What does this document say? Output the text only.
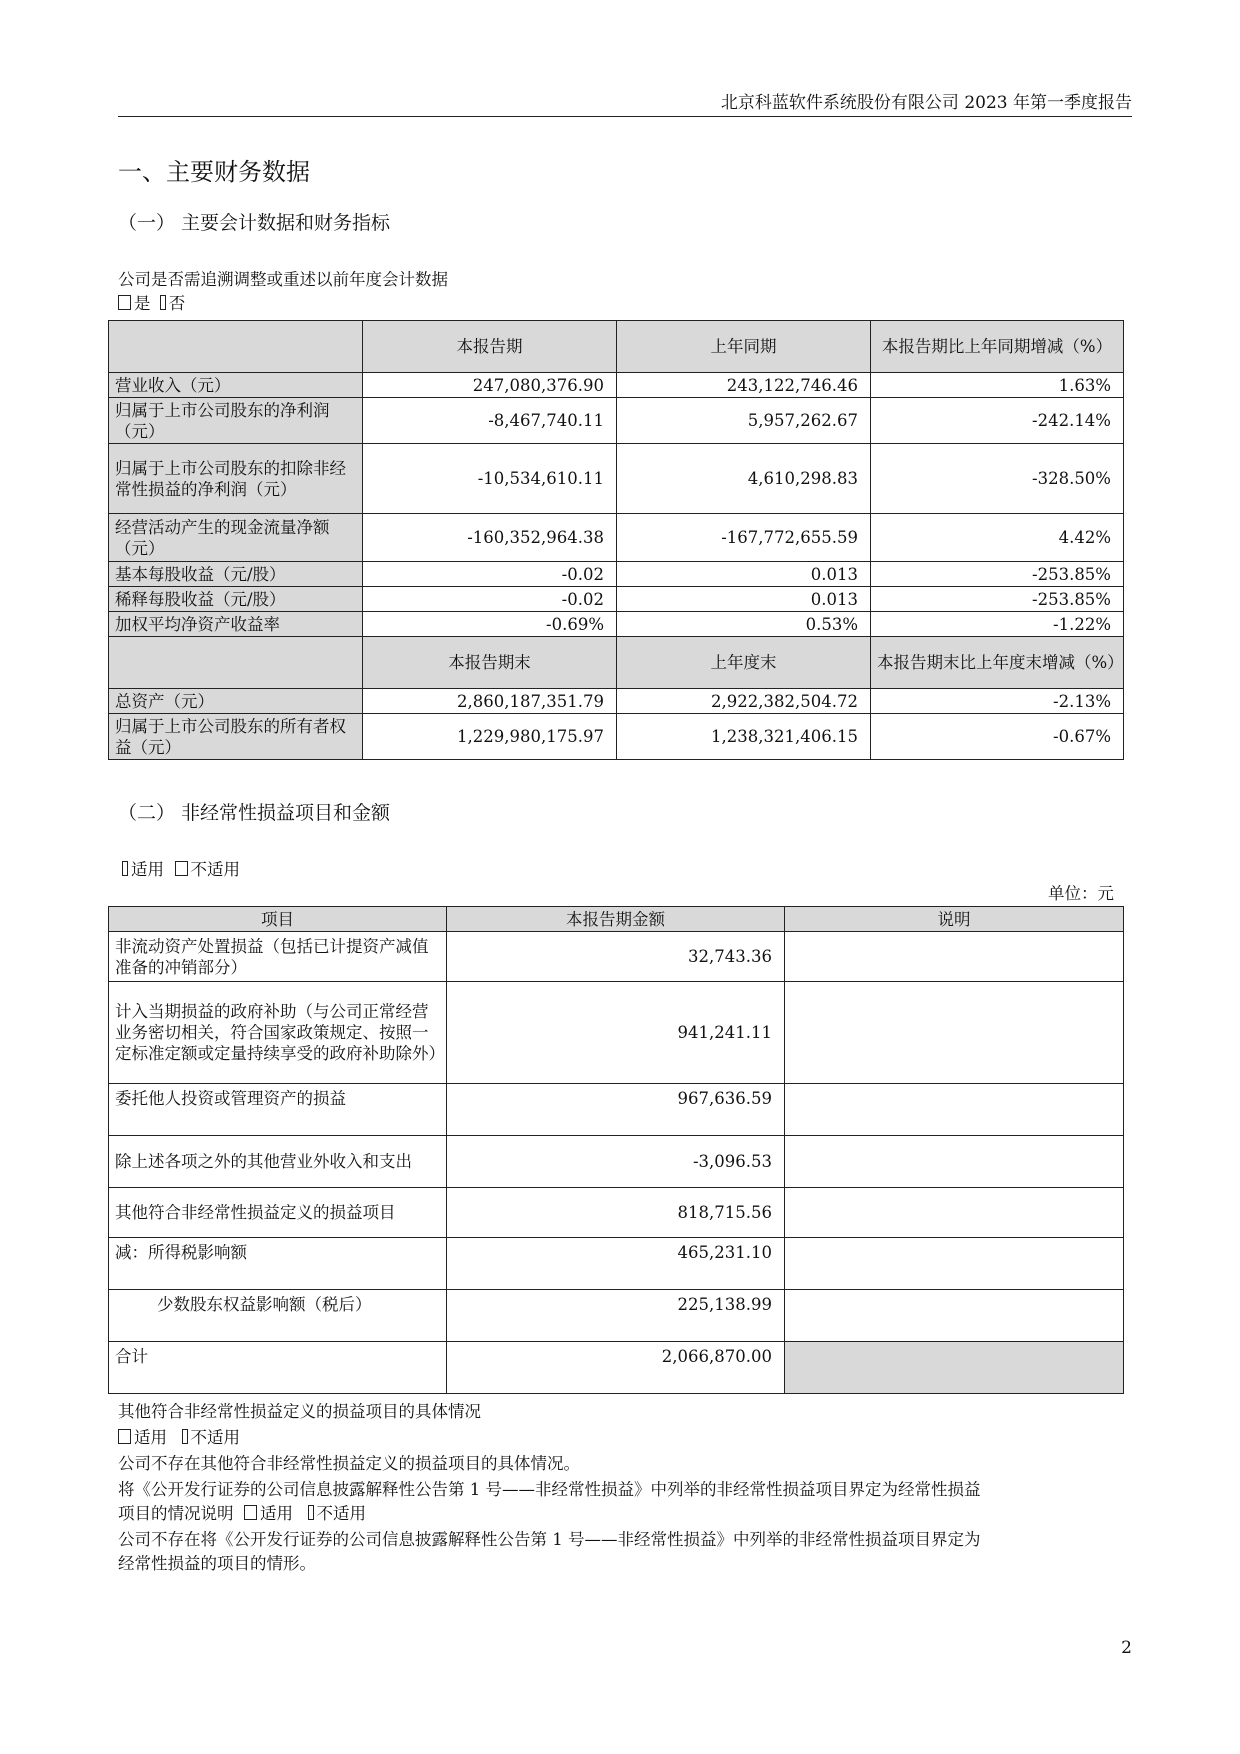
北京科蓝软件系统股份有限公司 2023 年第一季度报告
一、主要财务数据
（一） 主要会计数据和财务指标
公司是否需追溯调整或重述以前年度会计数据
是 否
	本报告期	上年同期	本报告期比上年同期增减（%）
营业收入（元）	247,080,376.90	243,122,746.46	1.63%
归属于上市公司股东的净利润（元）	-8,467,740.11	5,957,262.67	-242.14%
归属于上市公司股东的扣除非经常性损益的净利润（元）	-10,534,610.11	4,610,298.83	-328.50%
经营活动产生的现金流量净额（元）	-160,352,964.38	-167,772,655.59	4.42%
基本每股收益（元/股）	-0.02	0.013	-253.85%
稀释每股收益（元/股）	-0.02	0.013	-253.85%
加权平均净资产收益率	-0.69%	0.53%	-1.22%
	本报告期末	上年度末	本报告期末比上年度末增减（%）
总资产（元）	2,860,187,351.79	2,922,382,504.72	-2.13%
归属于上市公司股东的所有者权益（元）	1,229,980,175.97	1,238,321,406.15	-0.67%
（二） 非经常性损益项目和金额
适用 不适用
单位：元
项目	本报告期金额	说明
非流动资产处置损益（包括已计提资产减值准备的冲销部分）	32,743.36	
计入当期损益的政府补助（与公司正常经营业务密切相关，符合国家政策规定、按照一定标准定额或定量持续享受的政府补助除外）	941,241.11	
委托他人投资或管理资产的损益	967,636.59	
除上述各项之外的其他营业外收入和支出	-3,096.53	
其他符合非经常性损益定义的损益项目	818,715.56	
减：所得税影响额	465,231.10	
少数股东权益影响额（税后）	225,138.99	
合计	2,066,870.00	
其他符合非经常性损益定义的损益项目的具体情况
适用 不适用
公司不存在其他符合非经常性损益定义的损益项目的具体情况。
将《公开发行证券的公司信息披露解释性公告第 1 号——非经常性损益》中列举的非经常性损益项目界定为经常性损益
项目的情况说明 适用 不适用
公司不存在将《公开发行证券的公司信息披露解释性公告第 1 号——非经常性损益》中列举的非经常性损益项目界定为
经常性损益的项目的情形。
2
